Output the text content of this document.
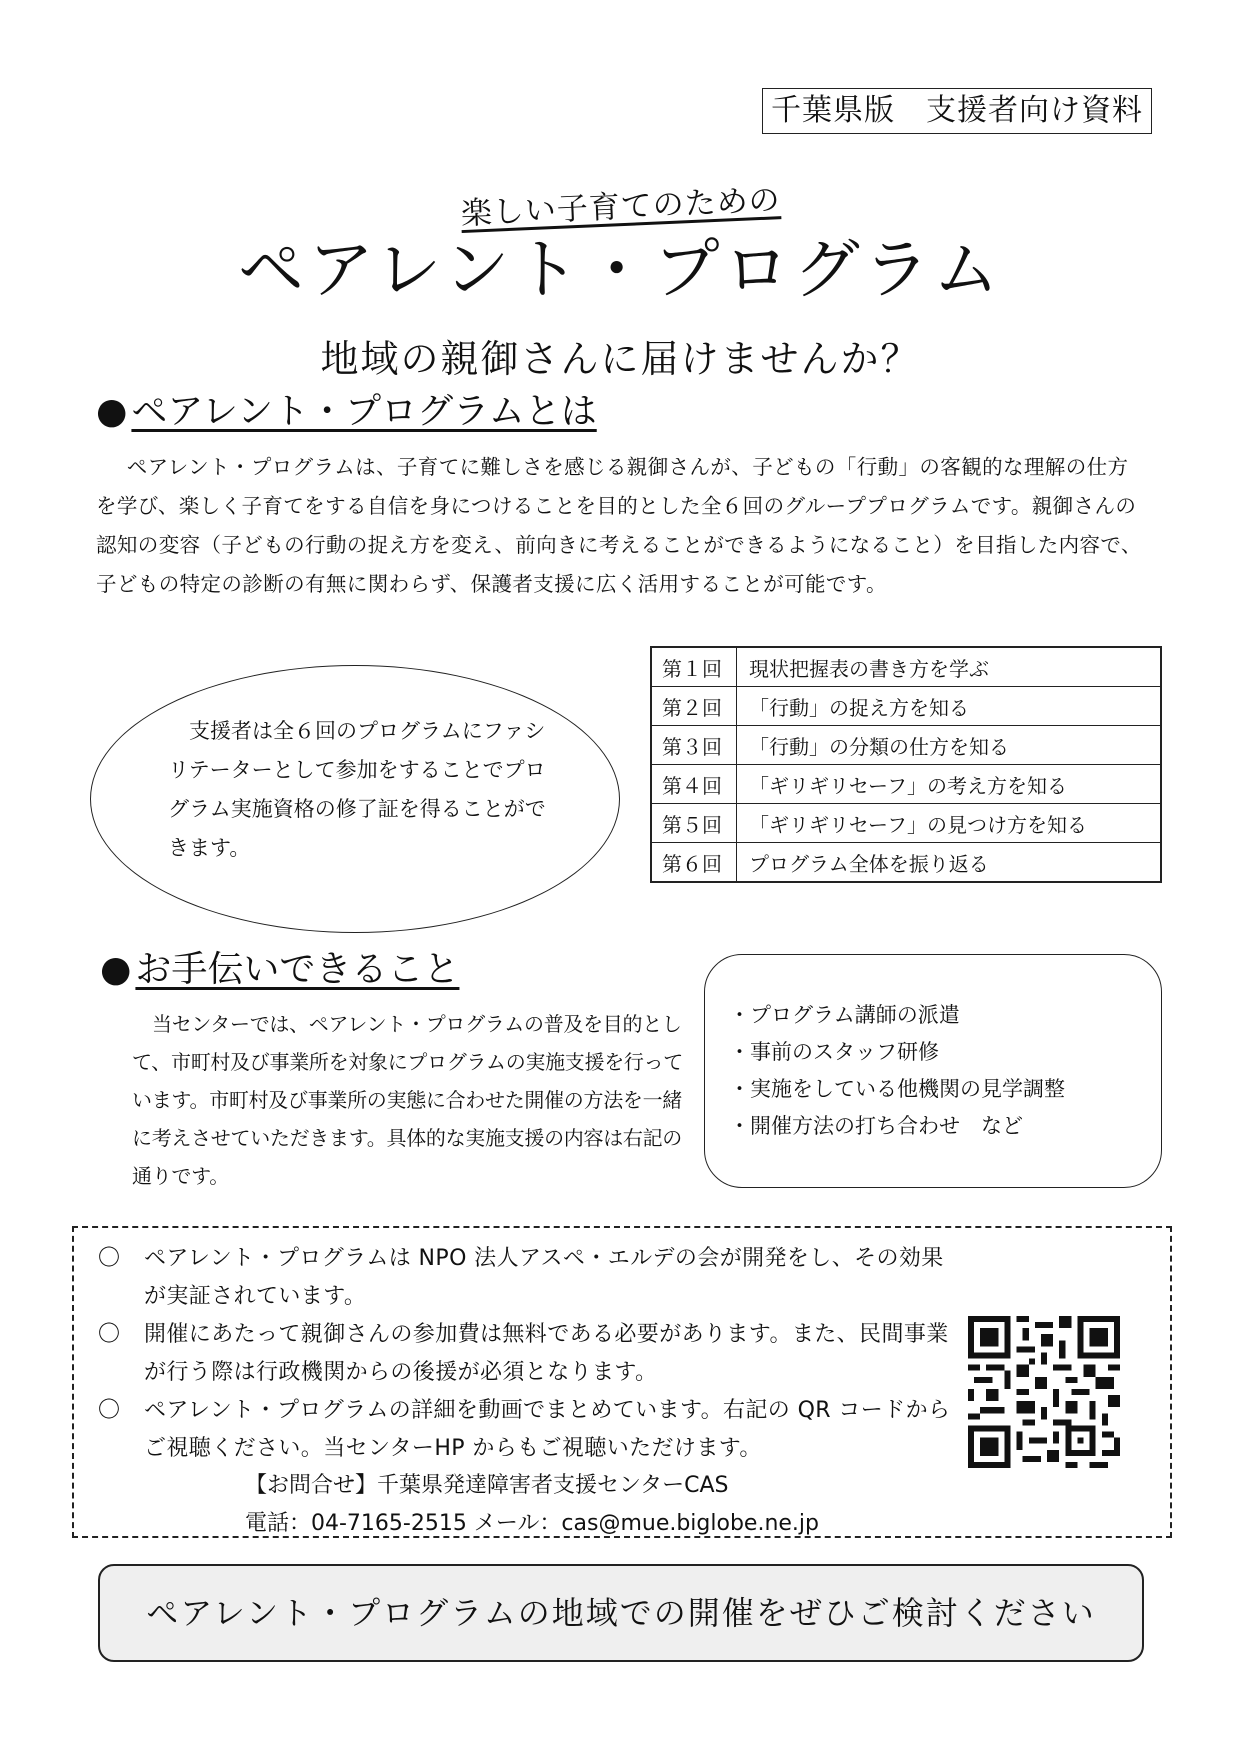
千葉県版　支援者向け資料
楽しい子育てのための
ペアレント・プログラム
地域の親御さんに届けませんか？
● ペアレント・プログラムとは
ペアレント・プログラムは、子育てに難しさを感じる親御さんが、子どもの「行動」の客観的な理解の仕方を学び、楽しく子育てをする自信を身につけることを目的とした全６回のグループプログラムです。親御さんの認知の変容（子どもの行動の捉え方を変え、前向きに考えることができるようになること）を目指した内容で、子どもの特定の診断の有無に関わらず、保護者支援に広く活用することが可能です。
支援者は全６回のプログラムにファシリテーターとして参加をすることでプログラム実施資格の修了証を得ることができます。
第１回	現状把握表の書き方を学ぶ
第２回	「行動」の捉え方を知る
第３回	「行動」の分類の仕方を知る
第４回	「ギリギリセーフ」の考え方を知る
第５回	「ギリギリセーフ」の見つけ方を知る
第６回	プログラム全体を振り返る
● お手伝いできること
当センターでは、ペアレント・プログラムの普及を目的として、市町村及び事業所を対象にプログラムの実施支援を行っています。市町村及び事業所の実態に合わせた開催の方法を一緒に考えさせていただきます。具体的な実施支援の内容は右記の通りです。
・ プログラム講師の派遣
・ 事前のスタッフ研修
・ 実施をしている他機関の見学調整
・ 開催方法の打ち合わせ　など
〇 ペアレント・プログラムは NPO 法人アスペ・エルデの会が開発をし、その効果が実証されています。
〇 開催にあたって親御さんの参加費は無料である必要があります。また、民間事業が行う際は行政機関からの後援が必須となります。
〇 ペアレント・プログラムの詳細を動画でまとめています。右記の QR コードからご視聴ください。当センターHP からもご視聴いただけます。
【お問合せ】千葉県発達障害者支援センターCAS
電話：04-7165-2515 メール：cas@mue.biglobe.ne.jp
ペアレント・プログラムの地域での開催をぜひご検討ください
